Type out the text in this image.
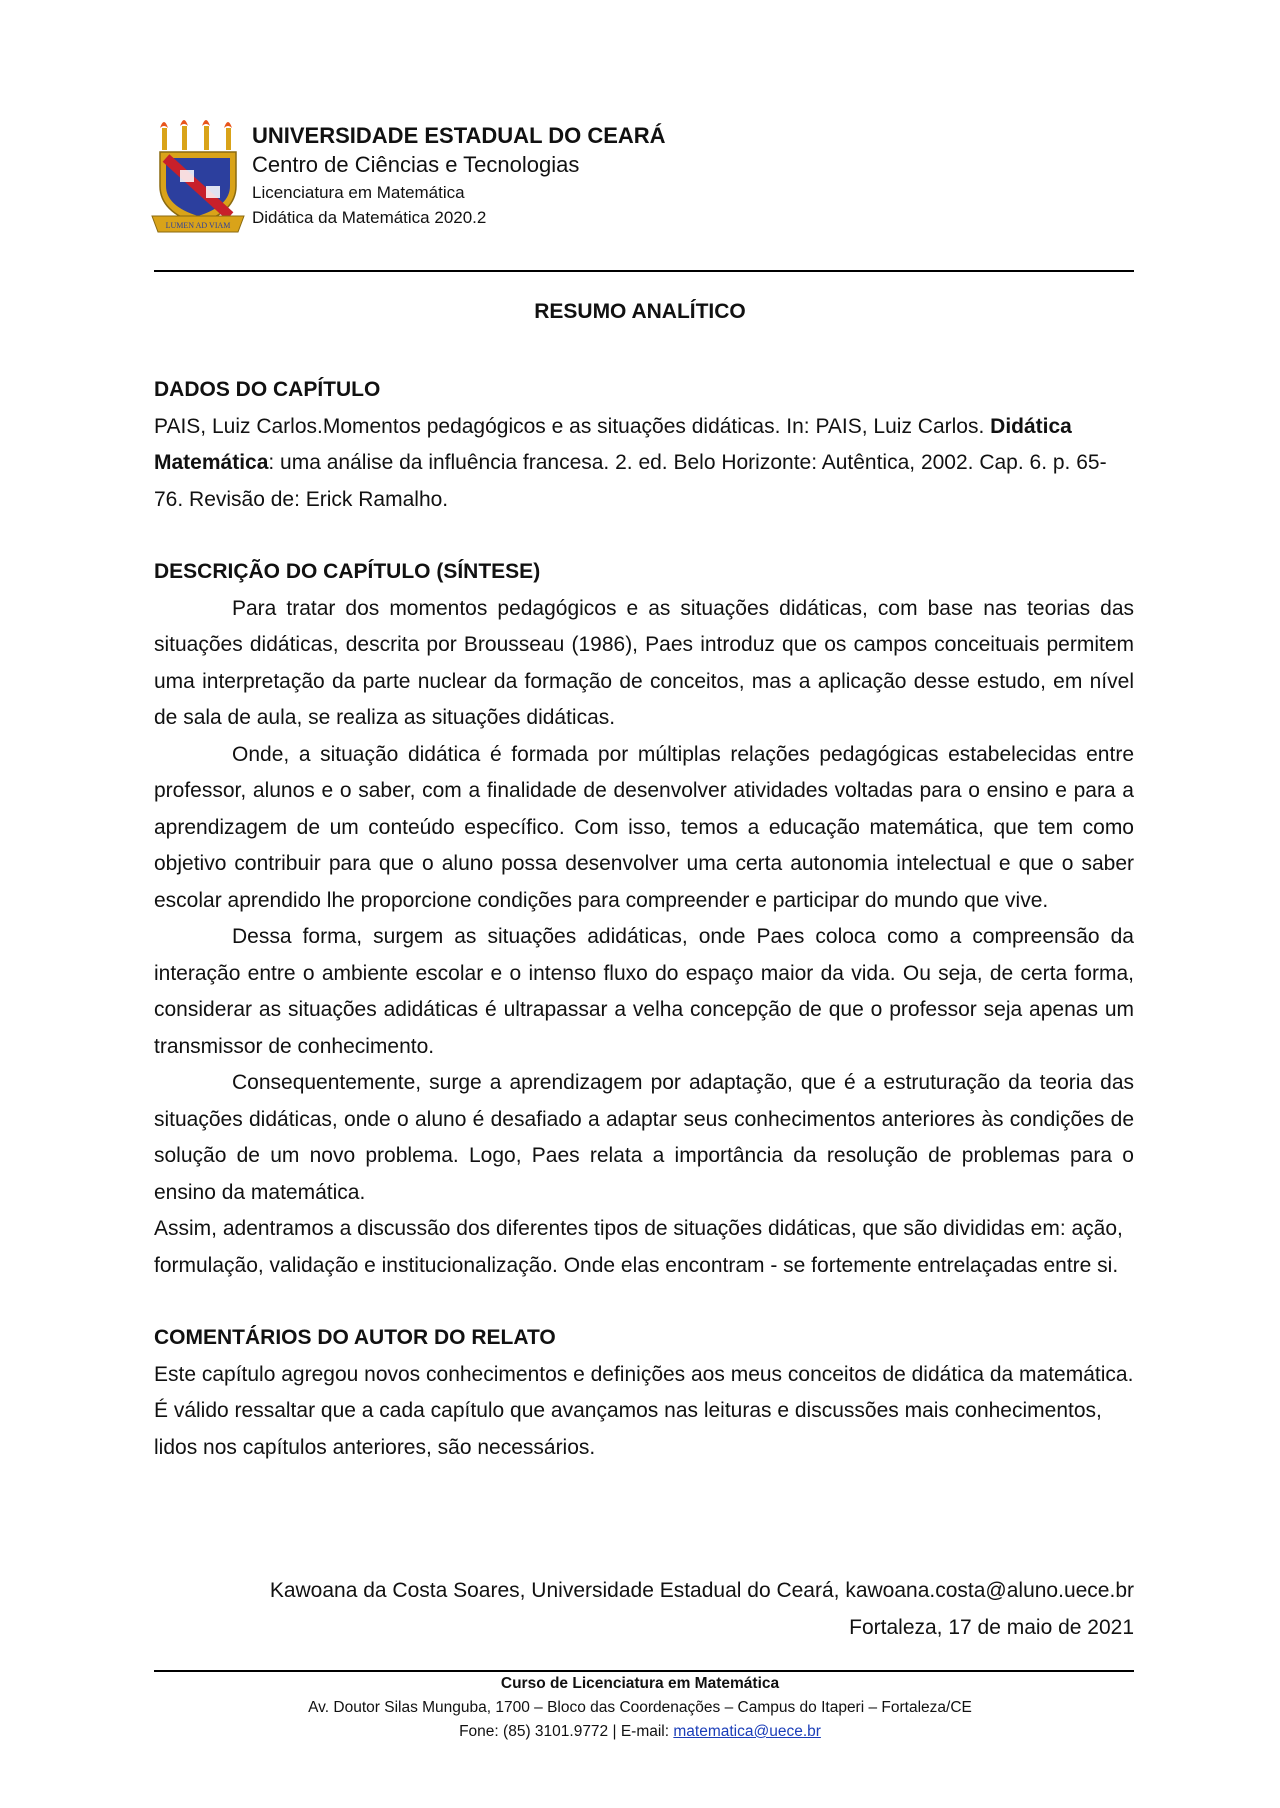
LUMEN AD VIAM
UNIVERSIDADE ESTADUAL DO CEARÁ
Centro de Ciências e Tecnologias
Licenciatura em Matemática
Didática da Matemática 2020.2
RESUMO ANALÍTICO

DADOS DO CAPÍTULO

PAIS, Luiz Carlos.Momentos pedagógicos e as situações didáticas. In: PAIS, Luiz Carlos. Didática Matemática: uma análise da influência francesa. 2. ed. Belo Horizonte: Autêntica, 2002. Cap. 6. p. 65-76. Revisão de: Erick Ramalho.

DESCRIÇÃO DO CAPÍTULO (SÍNTESE)

Para tratar dos momentos pedagógicos e as situações didáticas, com base nas teorias das situações didáticas, descrita por Brousseau (1986), Paes introduz que os campos conceituais permitem uma interpretação da parte nuclear da formação de conceitos, mas a aplicação desse estudo, em nível de sala de aula, se realiza as situações didáticas.

Onde, a situação didática é formada por múltiplas relações pedagógicas estabelecidas entre professor, alunos e o saber, com a finalidade de desenvolver atividades voltadas para o ensino e para a aprendizagem de um conteúdo específico. Com isso, temos a educação matemática, que tem como objetivo contribuir para que o aluno possa desenvolver uma certa autonomia intelectual e que o saber escolar aprendido lhe proporcione condições para compreender e participar do mundo que vive.

Dessa forma, surgem as situações adidáticas, onde Paes coloca como a compreensão da interação entre o ambiente escolar e o intenso fluxo do espaço maior da vida. Ou seja, de certa forma, considerar as situações adidáticas é ultrapassar a velha concepção de que o professor seja apenas um transmissor de conhecimento.

Consequentemente, surge a aprendizagem por adaptação, que é a estruturação da teoria das situações didáticas, onde o aluno é desafiado a adaptar seus conhecimentos anteriores às condições de solução de um novo problema. Logo, Paes relata a importância da resolução de problemas para o ensino da matemática.

Assim, adentramos a discussão dos diferentes tipos de situações didáticas, que são divididas em: ação, formulação, validação e institucionalização. Onde elas encontram - se fortemente entrelaçadas entre si.

COMENTÁRIOS DO AUTOR DO RELATO

Este capítulo agregou novos conhecimentos e definições aos meus conceitos de didática da matemática. É válido ressaltar que a cada capítulo que avançamos nas leituras e discussões mais conhecimentos, lidos nos capítulos anteriores, são necessários.

Kawoana da Costa Soares, Universidade Estadual do Ceará, kawoana.costa@aluno.uece.br
Fortaleza, 17 de maio de 2021
Curso de Licenciatura em Matemática
Av. Doutor Silas Munguba, 1700 – Bloco das Coordenações – Campus do Itaperi – Fortaleza/CE
Fone: (85) 3101.9772 | E-mail: matematica@uece.br
